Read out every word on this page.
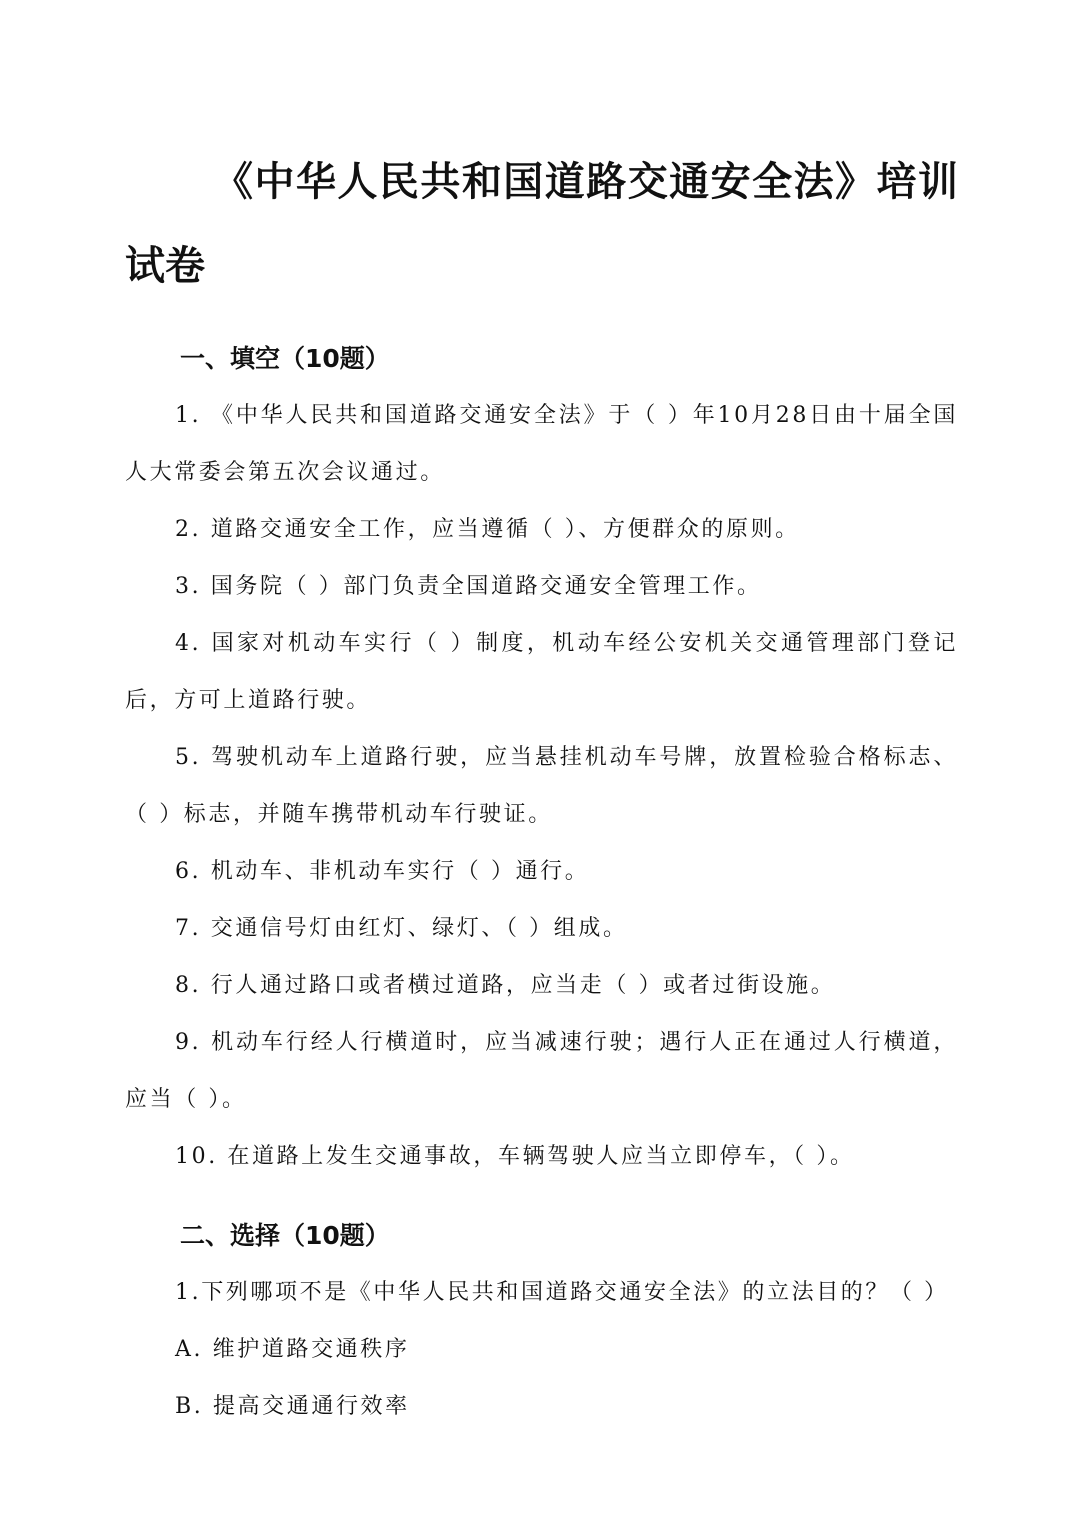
《中华人民共和国道路交通安全法》培训试卷
一、填空（10题）

1. 《中华人民共和国道路交通安全法》于（ ）年10月28日由十届全国人大常委会第五次会议通过。

2. 道路交通安全工作，应当遵循（ ）、方便群众的原则。

3. 国务院（ ）部门负责全国道路交通安全管理工作。

4. 国家对机动车实行（ ）制度，机动车经公安机关交通管理部门登记后，方可上道路行驶。

5. 驾驶机动车上道路行驶，应当悬挂机动车号牌，放置检验合格标志、（ ）标志，并随车携带机动车行驶证。

6. 机动车、非机动车实行（ ）通行。

7. 交通信号灯由红灯、绿灯、（ ）组成。

8. 行人通过路口或者横过道路，应当走（ ）或者过街设施。

9. 机动车行经人行横道时，应当减速行驶；遇行人正在通过人行横道，应当（ ）。

10. 在道路上发生交通事故，车辆驾驶人应当立即停车，（ ）。

二、选择（10题）

1.下列哪项不是《中华人民共和国道路交通安全法》的立法目的？（ ）

A. 维护道路交通秩序

B. 提高交通通行效率
